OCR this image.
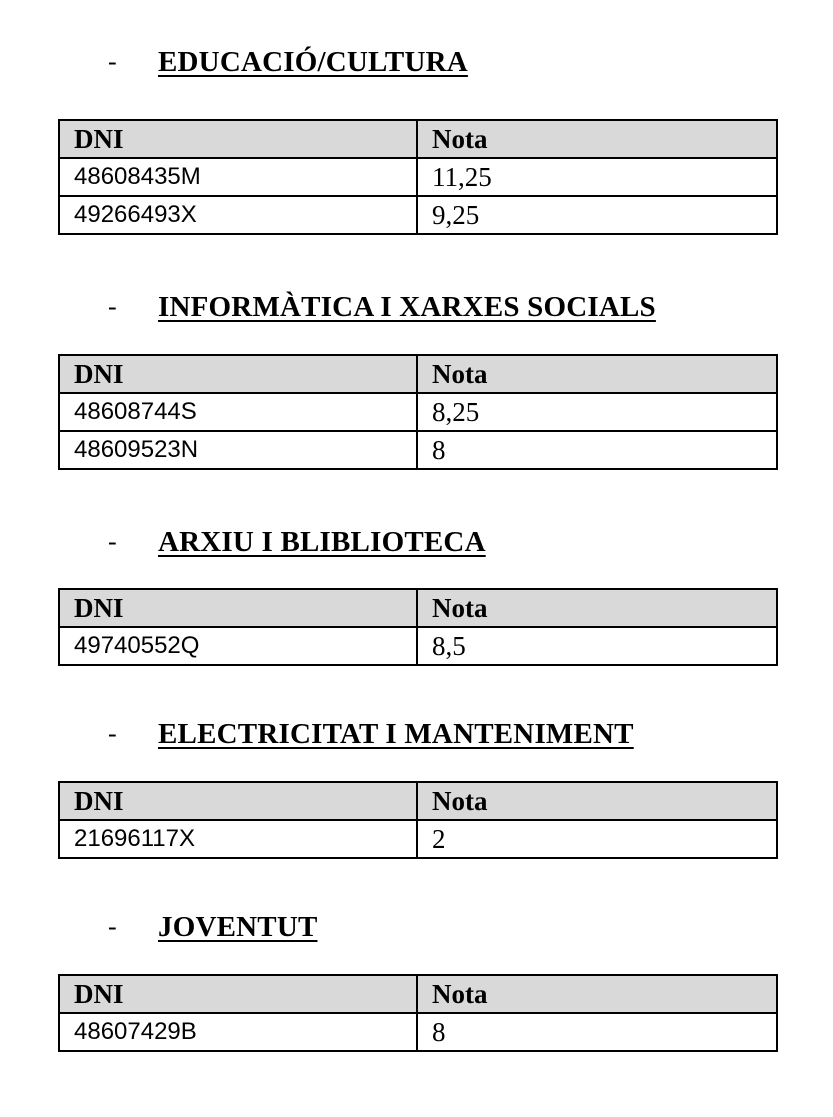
- EDUCACIÓ/CULTURA
DNI	Nota
48608435M	11,25
49266493X	9,25
- INFORMÀTICA I XARXES SOCIALS
DNI	Nota
48608744S	8,25
48609523N	8
- ARXIU I BLIBLIOTECA
DNI	Nota
49740552Q	8,5
- ELECTRICITAT I MANTENIMENT
DNI	Nota
21696117X	2
- JOVENTUT
DNI	Nota
48607429B	8
